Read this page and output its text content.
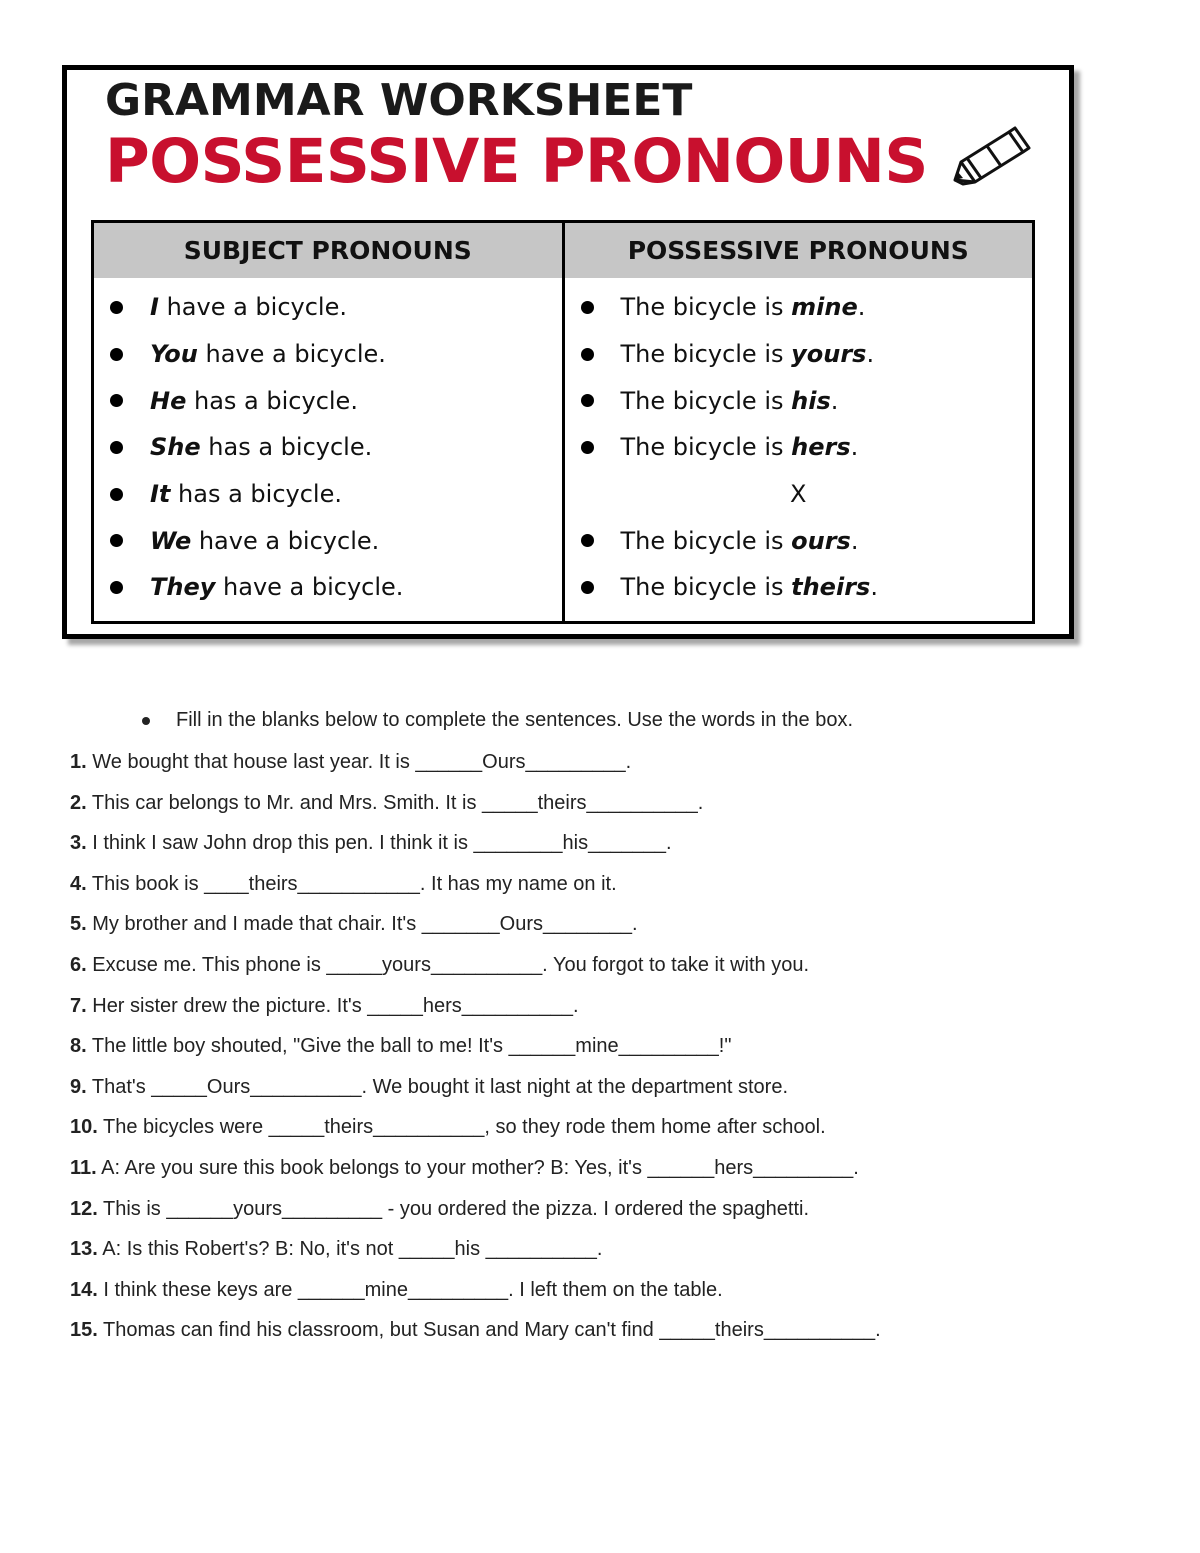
GRAMMAR WORKSHEET
POSSESSIVE PRONOUNS
SUBJECT PRONOUNS
I have a bicycle.
You have a bicycle.
He has a bicycle.
She has a bicycle.
It has a bicycle.
We have a bicycle.
They have a bicycle.
POSSESSIVE PRONOUNS
The bicycle is mine.
The bicycle is yours.
The bicycle is his.
The bicycle is hers.
X
The bicycle is ours.
The bicycle is theirs.
Fill in the blanks below to complete the sentences. Use the words in the box.
1. We bought that house last year. It is ______Ours_________.
2. This car belongs to Mr. and Mrs. Smith. It is _____theirs__________.
3. I think I saw John drop this pen. I think it is ________his_______.
4. This book is ____theirs___________. It has my name on it.
5. My brother and I made that chair. It's _______Ours________.
6. Excuse me. This phone is _____yours__________. You forgot to take it with you.
7. Her sister drew the picture. It's _____hers__________.
8. The little boy shouted, "Give the ball to me! It's ______mine_________!"
9. That's _____Ours__________. We bought it last night at the department store.
10. The bicycles were _____theirs__________, so they rode them home after school.
11. A: Are you sure this book belongs to your mother? B: Yes, it's ______hers_________.
12. This is ______yours_________ - you ordered the pizza. I ordered the spaghetti.
13. A: Is this Robert's? B: No, it's not _____his __________.
14. I think these keys are ______mine_________. I left them on the table.
15. Thomas can find his classroom, but Susan and Mary can't find _____theirs__________.
